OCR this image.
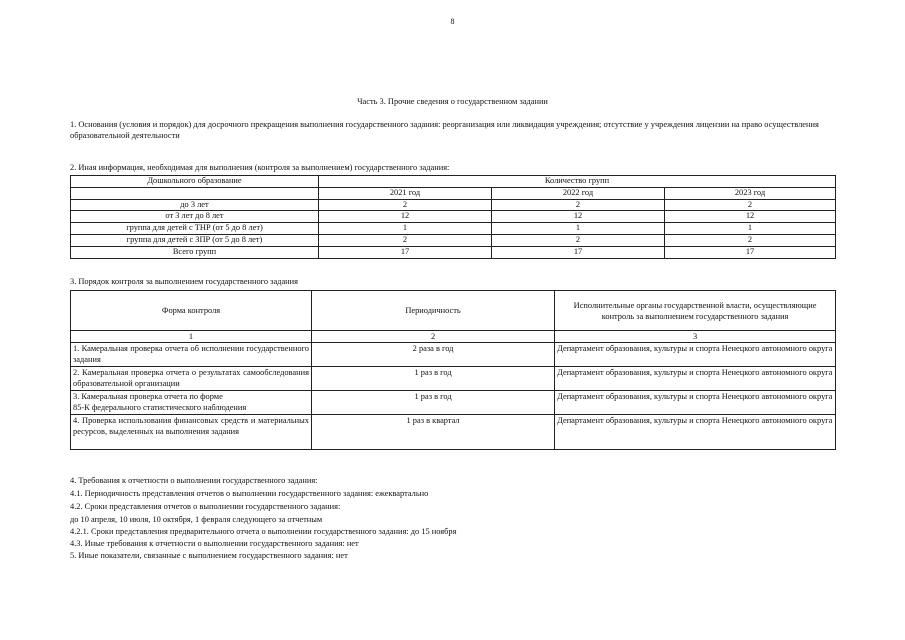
8
Часть 3. Прочие сведения о государственном задании
1. Основания (условия и порядок) для досрочного прекращения выполнения государственного задания: реорганизация или ликвидация учреждения; отсутствие у учреждения лицензии на право осуществления образовательной деятельности
2. Иная информация, необходимая для выполнения (контроля за выполнением) государственного задания:
Дошкольного образование	Количество групп		
	2021 год	2022 год	2023 год
до 3 лет	2	2	2
от 3 лет до 8 лет	12	12	12
группа для детей с ТНР (от 5 до 8 лет)	1	1	1
группа для детей с ЗПР (от 5 до 8 лет)	2	2	2
Всего групп	17	17	17
3. Порядок контроля за выполнением государственного задания
Форма контроля	Периодичность	Исполнительные органы государственной власти, осуществляющие контроль за выполнением государственного задания
1	2	3
1. Камеральная проверка отчета об исполнении государственного задания	2 раза в год	Департамент образования, культуры и спорта Ненецкого автономного округа
2. Камеральная проверка отчета о результатах самообследования образовательной организации	1 раз в год	Департамент образования, культуры и спорта Ненецкого автономного округа

3. Камеральная проверка отчета по форме
85-К федерального статистического наблюдения	1 раз в год	Департамент образования, культуры и спорта Ненецкого автономного округа
4. Проверка использования финансовых средств и материальных ресурсов, выделенных на выполнения задания	1 раз в квартал	Департамент образования, культуры и спорта Ненецкого автономного округа
4. Требования к отчетности о выполнении государственного задания:
4.1. Периодичность представления отчетов о выполнении государственного задания: ежеквартально
4.2. Сроки представления отчетов о выполнении государственного задания:
до 10 апреля, 10 июля, 10 октября, 1 февраля следующего за отчетным
4.2.1. Сроки представления предварительного отчета о выполнении государственного задания: до 15 ноября
4.3. Иные требования к отчетности о выполнении государственного задания: нет
5. Иные показатели, связанные с выполнением государственного задания: нет
